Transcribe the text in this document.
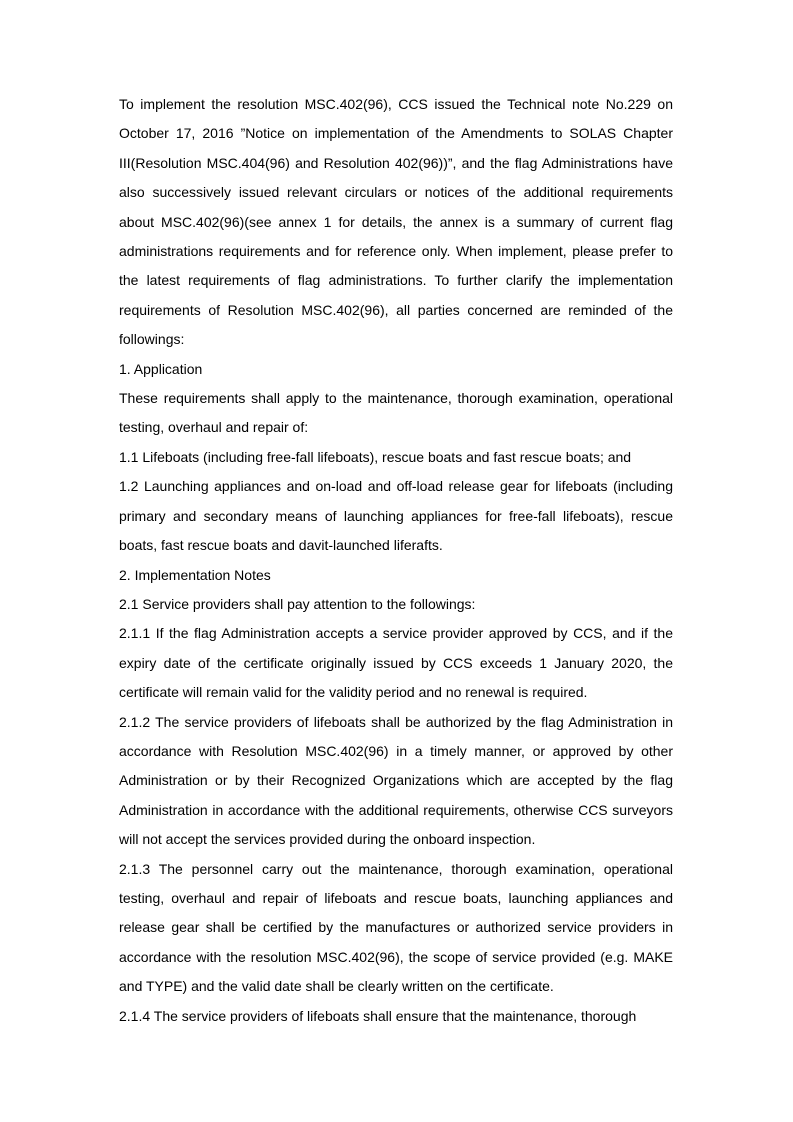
To implement the resolution MSC.402(96), CCS issued the Technical note No.229 on October 17, 2016 ”Notice on implementation of the Amendments to SOLAS Chapter III(Resolution MSC.404(96) and Resolution 402(96))”, and the flag Administrations have also successively issued relevant circulars or notices of the additional requirements about MSC.402(96)(see annex 1 for details, the annex is a summary of current flag administrations requirements and for reference only. When implement, please prefer to the latest requirements of flag administrations. To further clarify the implementation requirements of Resolution MSC.402(96), all parties concerned are reminded of the followings:

1. Application

These requirements shall apply to the maintenance, thorough examination, operational testing, overhaul and repair of:

1.1 Lifeboats (including free-fall lifeboats), rescue boats and fast rescue boats; and

1.2 Launching appliances and on-load and off-load release gear for lifeboats (including primary and secondary means of launching appliances for free-fall lifeboats), rescue boats, fast rescue boats and davit-launched liferafts.

2. Implementation Notes

2.1 Service providers shall pay attention to the followings:

2.1.1 If the flag Administration accepts a service provider approved by CCS, and if the expiry date of the certificate originally issued by CCS exceeds 1 January 2020, the certificate will remain valid for the validity period and no renewal is required.

2.1.2 The service providers of lifeboats shall be authorized by the flag Administration in accordance with Resolution MSC.402(96) in a timely manner, or approved by other Administration or by their Recognized Organizations which are accepted by the flag Administration in accordance with the additional requirements, otherwise CCS surveyors will not accept the services provided during the onboard inspection.

2.1.3 The personnel carry out the maintenance, thorough examination, operational testing, overhaul and repair of lifeboats and rescue boats, launching appliances and release gear shall be certified by the manufactures or authorized service providers in accordance with the resolution MSC.402(96), the scope of service provided (e.g. MAKE and TYPE) and the valid date shall be clearly written on the certificate.

2.1.4 The service providers of lifeboats shall ensure that the maintenance, thorough
